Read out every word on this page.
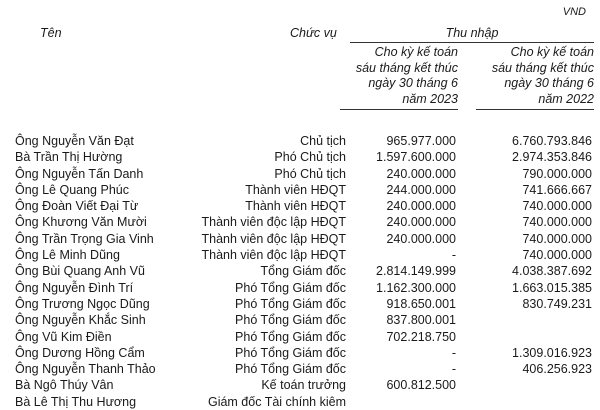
VND
Tên	Chức vụ	Thu nhập
Cho kỳ kế toán
sáu tháng kết thúc
ngày 30 tháng 6
năm 2023
Cho kỳ kế toán
sáu tháng kết thúc
ngày 30 tháng 6
năm 2022
Ông Nguyễn Văn Đạt	Chủ tịch	965.977.000	6.760.793.846
Bà Trần Thị Hường	Phó Chủ tịch 1.597.600.000	2.974.353.846
Ông Nguyễn Tấn Danh	Phó Chủ tịch	240.000.000	790.000.000
Ông Lê Quang Phúc	Thành viên HĐQT	244.000.000	741.666.667
Ông Đoàn Viết Đại Từ	Thành viên HĐQT	240.000.000	740.000.000
Ông Khương Văn Mười	Thành viên độc lập HĐQT	240.000.000	740.000.000
Ông Trần Trọng Gia Vinh	Thành viên độc lập HĐQT	240.000.000	740.000.000
Ông Lê Minh Dũng	Thành viên độc lập HĐQT	-	740.000.000
Ông Bùi Quang Anh Vũ	Tổng Giám đốc 2.814.149.999	4.038.387.692
Ông Nguyễn Đình Trí	Phó Tổng Giám đốc 1.162.300.000	1.663.015.385
Ông Trương Ngọc Dũng	Phó Tổng Giám đốc	918.650.001	830.749.231
Ông Nguyễn Khắc Sinh	Phó Tổng Giám đốc	837.800.001
Ông Vũ Kim Điền	Phó Tổng Giám đốc	702.218.750
Ông Dương Hồng Cẩm	Phó Tổng Giám đốc	-	1.309.016.923
Ông Nguyễn Thanh Thảo	Phó Tổng Giám đốc	-	406.256.923
Bà Ngô Thúy Vân	Kế toán trưởng	600.812.500
Bà Lê Thị Thu Hương	Giám đốc Tài chính kiêm
